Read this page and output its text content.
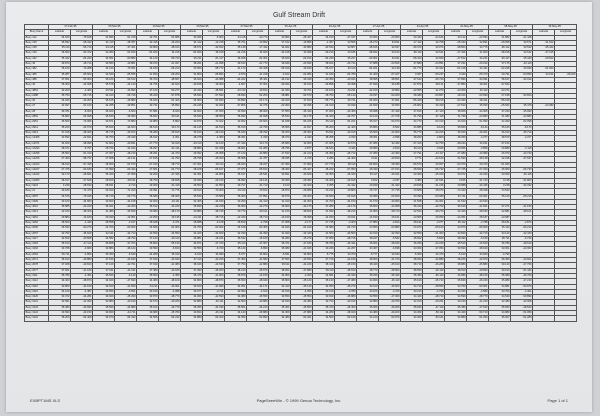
Gulf Stream Drift
	27-Feb-95		06-Mar-95		13-Mar-95		20-Mar-95		27-Mar-95		03-Apr-95		10-Apr-95		17-Apr-95		24-Apr-95		01-May-95		08-May-95		15-May-95	
Buoy Name	Latitude	Longitude	Latitude	Longitude	Latitude	Longitude	Latitude	Longitude	Latitude	Longitude	Latitude	Longitude	Latitude	Longitude	Latitude	Longitude	Latitude	Longitude	Latitude	Longitude	Latitude	Longitude	Latitude	Longitude
Buoy 122	34.620	-75.818	31.890	-51.218	32.761	-51.866	33.949	-5.903	34.118	-20.770	33.890	-28.427	34.150	-27.047	34.660	-23.650	33.423	-24.644	33.142	-22.594	31.882	-21.448		
Buoy 135	36.832	-68.342	31.110	-48.787	32.415	-49.220	34.412	-12.218	35.701	-13.892	37.012	-19.866	-1.407	33.566	-18.273	34.811	-17.112	32.708	-28.443	32.891	-29.008	30.671	-31.812	
Buoy 138	35.110	-56.710	34.115	-37.401	30.860	-48.013	28.671	-42.812	35.148	-17.442	34.922	-33.883	-33.534	32.807	-38.626	32.027	-39.473	33.074	-38.864	33.775	-38.112	34.532	-35.422	
Buoy 139	36.560	-53.472	32.283	-51.816	-54.020	34.216	-54.660	35.108	-44.216	34.920	-32.218	33.999	-39.210	33.186	-38.842	33.102	-38.113	32.621	-37.426	31.900	-38.018	32.642	-37.015	
Buoy 442	35.442	-64.220	34.651	-60.882	34.120	-59.743	36.211	-61.117	36.008	-62.301	35.620	-63.154	-54.233	35.227	-60.001	34.911	-58.410	34.660	-47.812	34.221	-39.117	35.440	-29.812	
Buoy 45	39.870	-18.714	39.580	-19.881	39.160	-21.027	38.291	-21.998	39.610	-21.772	39.949	-23.590	38.624	-23.744	37.888	-23.816	37.889	-24.851	37.234	-24.014	37.175	-23.110		
Buoy 482	35.160	-70.288	34.010	-70.051	34.180	-66.213	33.650	-58.772	31.170	-53.448	-55.019	29.640	-55.107	30.110	-54.201	33.148	-51.770	33.422	-51.218	34.441	-52.228	33.930	-51.663	
Buoy 485	35.287	-65.600	32.940	-65.555	31.650	-69.200	31.800	-68.894	-3.870	-41.318	-3.914	-62.084	31.180	-64.780	31.400	-67.227	3.367	-59.247	3.443	-65.370	29.791	-63.850	33.101	-68.203
Buoy 488	37.651	-53.000	36.160	-53.612	36.700	-48.667	36.020	-43.988	-44.222	35.421	-44.132	-39.349	-40.450	-40.044	38.995	-38.651	37.612	-36.720	37.890	-33.991	38.017	-32.012		
Buoy 46	35.300	-44.908	35.678	-44.140	34.766	-34.623	-40.818	36.000	-4.827	37.001	-39.044	35.913	-39.898	36.398	-37.699	36.188	-37.879	38.131	-37.883	38.401	-37.664			
Buoy 4851	33.200	-3.404	40.511	-44.893	37.123	-50.277	40.444	-48.651	-33.110	40.814	-31.034	40.701	-33.100	40.241	-32.010	40.862	-42.655	41.070	-43.000	40.112	-43.071			
Buoy 2488	35.750	-56.715	34.910	-56.749	35.220	-57.878	35.694	-57.593	28.840	-54.253	28.881	-53.570	28.750	-55.140	29.337	-54.209	28.480	-53.867	28.314	-53.690	27.618	-52.820		
Buoy 26	34.940	-43.200	35.105	-46.880	35.020	-51.424	34.560	-51.833	30.890	-52.170	-33.220	37.810	-55.776	36.721	-56.300	37.901	-55.449	38.210	-54.460	38.441	-55.019			
Buoy 27	33.097	-51.160	34.255	-39.851	33.731	-35.890	-26.246	32.262	-37.806	32.376	-23.360	33.296	-24.910	34.049	-24.669	34.650	-26.904	34.420	-27.513	35.090	-25.664	35.479	-24.083	
Buoy 28	39.781	-8.000	36.020	-5.600	37.681	-8.020	34.600	-37.650	33.690	-38.009	37.550	-35.440	37.060	-33.460	36.998	-37.440	37.810	-37.110	38.009	-34.005	37.220	-35.990		
Buoy 2881	35.860	-54.698	36.540	-35.993	35.823	-35.611	35.930	-38.550	35.990	-34.698	35.533	-32.175	34.420	-29.707	32.120	-27.726	31.790	-27.110	31.799	-24.880	31.380	-23.883		
Buoy 2951	35.500	-73.966	33.871	-73.883	33.880	-5.862	33.879	-72.022	33.662	-53.664	34.188	-56.226	35.119	-54.221	35.017	-54.670	34.773	-53.310	34.910	-51.950	34.460	-52.098		
Buoy 2914	35.220	-24.570	35.810	-34.603	-38.510	39.173	-34.145	-34.510	35.610	-13.799	35.566	-11.817	35.260	-11.400	35.880	-5.502	34.885	-9.100	35.860	-8.144	35.160	-8.170		
Buoy 2913	37.918	-48.320	35.715	-49.972	35.280	-45.810	36.010	-49.140	35.640	-48.332	36.200	-45.304	35.811	-40.010	36.500	-44.000	35.770	-44.220	36.040	-46.201	36.910	-45.710		
Buoy 14465	33.590	-22.841	36.750	-26.349	48.012	-4.301	48.278	-4.380	48.361	-4.330	48.370	-4.340	48.355	-4.330	48.351	-4.598	48.260	-4.800	48.359	-4.377	48.570	-4.377		
Buoy 14371	34.620	-38.999	31.662	-40.831	-47.773	33.040	-40.110	33.120	-37.440	33.170	-35.680	32.950	-37.005	32.670	-37.280	32.460	-37.410	32.750	-38.244	33.221	-37.104			
Buoy 14294	28.671	-5.797	28.704	-31.044	28.297	-31.311	28.880	-51.348	28.821	-51.283	28.756	-3.877	28.624	-3.444	29.080	-3.810	29.110	-3.940	29.656	-3.899	29.880	-3.110		
Buoy 14295	25.500	-51.310	27.367	-48.210	28.251	-44.470	29.092	-46.058	27.120	-43.880	27.540	-44.213	26.450	-45.710	27.280	-42.460	27.791	-44.117	27.380	-43.980	26.970	-43.720		
Buoy 14226	27.460	-58.737	27.668	-43.131	-27.816	-41.790	28.798	-45.320	28.968	-41.787	28.935	-4.726	3.284	-44.400	3.611	-43.810	3.771	-42.610	31.690	-38.138	32.228	-37.637		
Buoy 14224	28.610	-57.430	28.000	-51.570	-67.010	28.773	-67.301	28.114	-68.020	28.227	-67.450	27.990	-67.770	28.110	-66.900	28.460	-66.570	29.007	-63.370	29.470	-61.000			
Buoy 14227	27.475	-63.180	27.999	-63.444	27.661	-64.770	28.168	-66.617	27.977	-65.814	28.460	-66.427	28.243	-67.053	28.430	-67.154	28.669	-66.730	27.745	-67.020	26.960	-66.730		
Buoy 14242	33.170	-46.821	35.420	-47.059	33.200	-47.446	34.451	-44.806	35.017	-45.541	33.661	-46.609	33.350	-46.340	33.117	-46.341	33.360	-45.340	33.972	-44.344	33.000	-46.116		
Buoy 14283	28.617	-27.629	28.810	-28.611	28.750	-28.848	29.090	-29.210	28.994	-29.134	29.450	-29.282	29.409	-29.910	3.622	-3.337	3.480	-31.531	3.626	-31.723	3.138	-31.803		
Buoy 1924	3.249	-28.634	28.841	-3.713	29.363	-31.419	29.663	-31.553	29.727	-31.713	3.123	-32.320	3.355	-32.442	29.939	-31.442	29.818	-31.226	29.888	-32.446	3.218	-32.332		
Buoy 21	29.180	-72.470	29.910	-71.220	29.991	-71.776	29.610	-70.300	29.110	-70.812	28.870	-28.089	-70.230	29.800	-70.747	27.735	-70.828	28.070	-74.443	28.428	-73.543			
Buoy 2657	34.676	-75.040	35.710	-69.770	35.689	-68.320	35.530	-70.580	35.060	-67.891	33.670	-66.200	33.660	-63.910	33.380	-62.810	33.390	-63.080	34.711	-64.061	35.120	-65.210		
Buoy 3409	33.160	-34.860	33.820	-34.108	32.920	-34.111	32.466	-34.630	33.260	-34.410	31.010	-34.300	31.700	-34.150	31.670	-30.060	31.568	-34.301	31.542	-34.520				
Buoy 3010	35.585	-43.240	36.021	-42.200	36.612	-42.240	35.830	-42.218	36.000	-42.270	36.000	-42.175	37.280	-43.170	36.823	-42.008	36.310	-42.700	36.910	-41.821	37.271	-41.150		
Buoy 3413	32.160	-38.320	31.480	-36.690	30.980	-38.170	30.880	-38.730	30.770	-39.011	31.150	-38.820	31.690	-38.210	31.800	-38.710	32.520	-38.270	32.440	-38.630	32.881	-38.101		
Buoy 3461	29.884	-13.180	29.940	-13.951	-13.250	29.135	-13.411	28.716	-13.340	28.710	-13.150	28.398	-14.030	29.041	-13.630	29.101	-13.505	29.059	-14.051	28.187	-13.687			
Buoy 3462	28.600	-1.440	28.558	-3.017	28.648	-3.471	28.688	-3.128	28.819	-2.798	27.968	-3.177	27.745	-3.300	27.884	-2.814	28.191	-3.077	28.112	-2.788	28.181	-2.874		
Buoy 2069	26.530	-60.270	24.700	-60.004	24.666	-61.004	24.750	-62.002	24.618	-63.450	24.640	-64.220	24.580	-64.720	24.950	-64.880	24.970	-65.100	24.870	-66.000	25.110	-66.210		
Buoy 2057	32.750	-36.620	32.911	-34.713	32.650	-34.550	32.420	-34.600	32.330	-34.390	31.940	-33.440	31.560	-33.500	32.010	-32.330	32.550	-31.300	32.820	-32.710	33.120	-32.440		
Buoy 3117	32.810	-40.828	34.582	-48.794	37.123	-46.110	36.881	-15.221	36.542	-15.160	36.280	-15.270	37.050	-48.716	38.227	-5.552	38.002	-5.820	38.390	-6.150	38.711	-6.720		
Buoy 3118	35.513	-47.114	35.808	-37.704	35.800	-55.130	34.871	-47.470	35.110	-47.007	35.471	-47.180	35.780	-49.441	36.001	-48.340	36.250	-42.220	36.510	-44.520	36.780	-48.610		
Buoy 3162	33.768	-3.900	33.884	-36.124	33.590	-6.810	33.550	-6.720	35.140	-6.890	35.083	-41.626	33.246	-41.267	33.467	-6.698	33.300	-37.054	33.693	-38.919	33.001	-42.003		
Buoy 2064	36.711	-4.864	35.450	-6.640	-44.280	35.310	-6.160	34.990	-5.977	34.804	-5.831	34.800	-5.775	34.700	-5.777	34.640	-5.300	34.470	-5.010	34.660	-4.790			
Buoy 2071	36.610	-40.880	37.150	-43.640	37.640	-43.040	37.110	-42.220	37.450	-41.680	37.560	-43.830	37.710	-42.190	38.000	-41.720	38.060	-40.880	38.220	-42.970	38.450	-43.601		
Buoy 2078	37.028	-40.813	37.120	-42.761	37.630	-41.380	38.040	-43.630	37.750	-42.880	38.011	-44.220	38.410	-45.150	38.440	-45.010	38.710	-46.280	38.880	-45.880	39.120	-47.760		
Buoy 2077	37.841	-41.160	37.911	-41.611	37.480	-42.180	37.390	-45.200	38.210	-45.670	38.004	-47.880	38.110	-48.910	38.770	-48.004	38.650	-49.110	38.910	-49.820	39.010	-51.444		
Buoy 3111	35.780	-4.451	35.600	-6.140	35.550	-2.450	35.470	-41.900	35.870	-12.150	34.900	-2.300	34.681	-33.440	35.230	-36.442	35.450	-36.110	34.980	-38.210	35.380	-36.700		
Buoy 3112	34.920	-48.870	34.620	-47.690	34.480	-48.100	34.800	-48.870	35.500	-48.940	35.800	-45.140	35.130	-47.380	34.960	-46.113	35.610	-45.710	35.840	-46.220	35.980	-47.210		
Buoy 3116	33.800	-42.150	33.910	-41.660	34.211	-43.001	33.810	-41.990	34.051	-44.171	34.410	-45.140	34.050	-45.270	34.610	-46.920	34.710	-48.550	34.760	-50.001	34.881	-50.970		
Buoy 3119	34.120	-4.487	33.650	-3.651	33.190	-4.088	33.077	-3.711	32.990	-2.910	33.019	-4.050	33.210	-4.780	33.100	-4.470	33.210	-4.790	33.440	-4.580	33.700	-4.401		
Buoy 3120	33.472	-44.281	33.920	-45.290	33.870	-48.770	34.060	-42.590	34.080	-46.550	33.550	-45.550	33.810	-46.880	34.550	-47.300	34.440	-48.710	34.590	-48.770	34.540	-50.890		
Buoy 3121	32.991	-41.090	32.880	-40.190	32.670	-40.220	32.880	-40.111	32.660	-40.880	32.640	-40.480	32.720	-40.010	32.880	-40.700	32.310	-40.291	32.150	-41.220	32.480	-42.008		
Buoy 3123	35.480	-43.690	35.560	-44.880	35.610	-43.770	35.350	-44.330	35.501	-44.210	35.401	-45.550	35.470	-45.400	35.300	-46.200	35.540	-47.110	35.480	-47.620	35.650	-48.540		
Buoy 3124	33.690	-43.150	33.820	-44.711	33.980	-45.760	33.844	-46.411	34.140	-46.880	34.300	-47.880	34.260	-48.040	34.480	-49.220	34.300	-50.111	34.440	-50.710	34.880	-51.050		
Buoy 3122	35.200	-54.409	34.970	-54.332	34.565	-54.242	34.880	-53.420	34.950	-52.890	34.480	-52.401	34.500	-53.190	34.210	-53.070	34.300	-53.011	34.880	-51.350	35.007	-51.280		
EXBPT1MS.XLS	PageSeeeWin - © 1999 Genoa Technology, Inc.	Page 1 of 1
